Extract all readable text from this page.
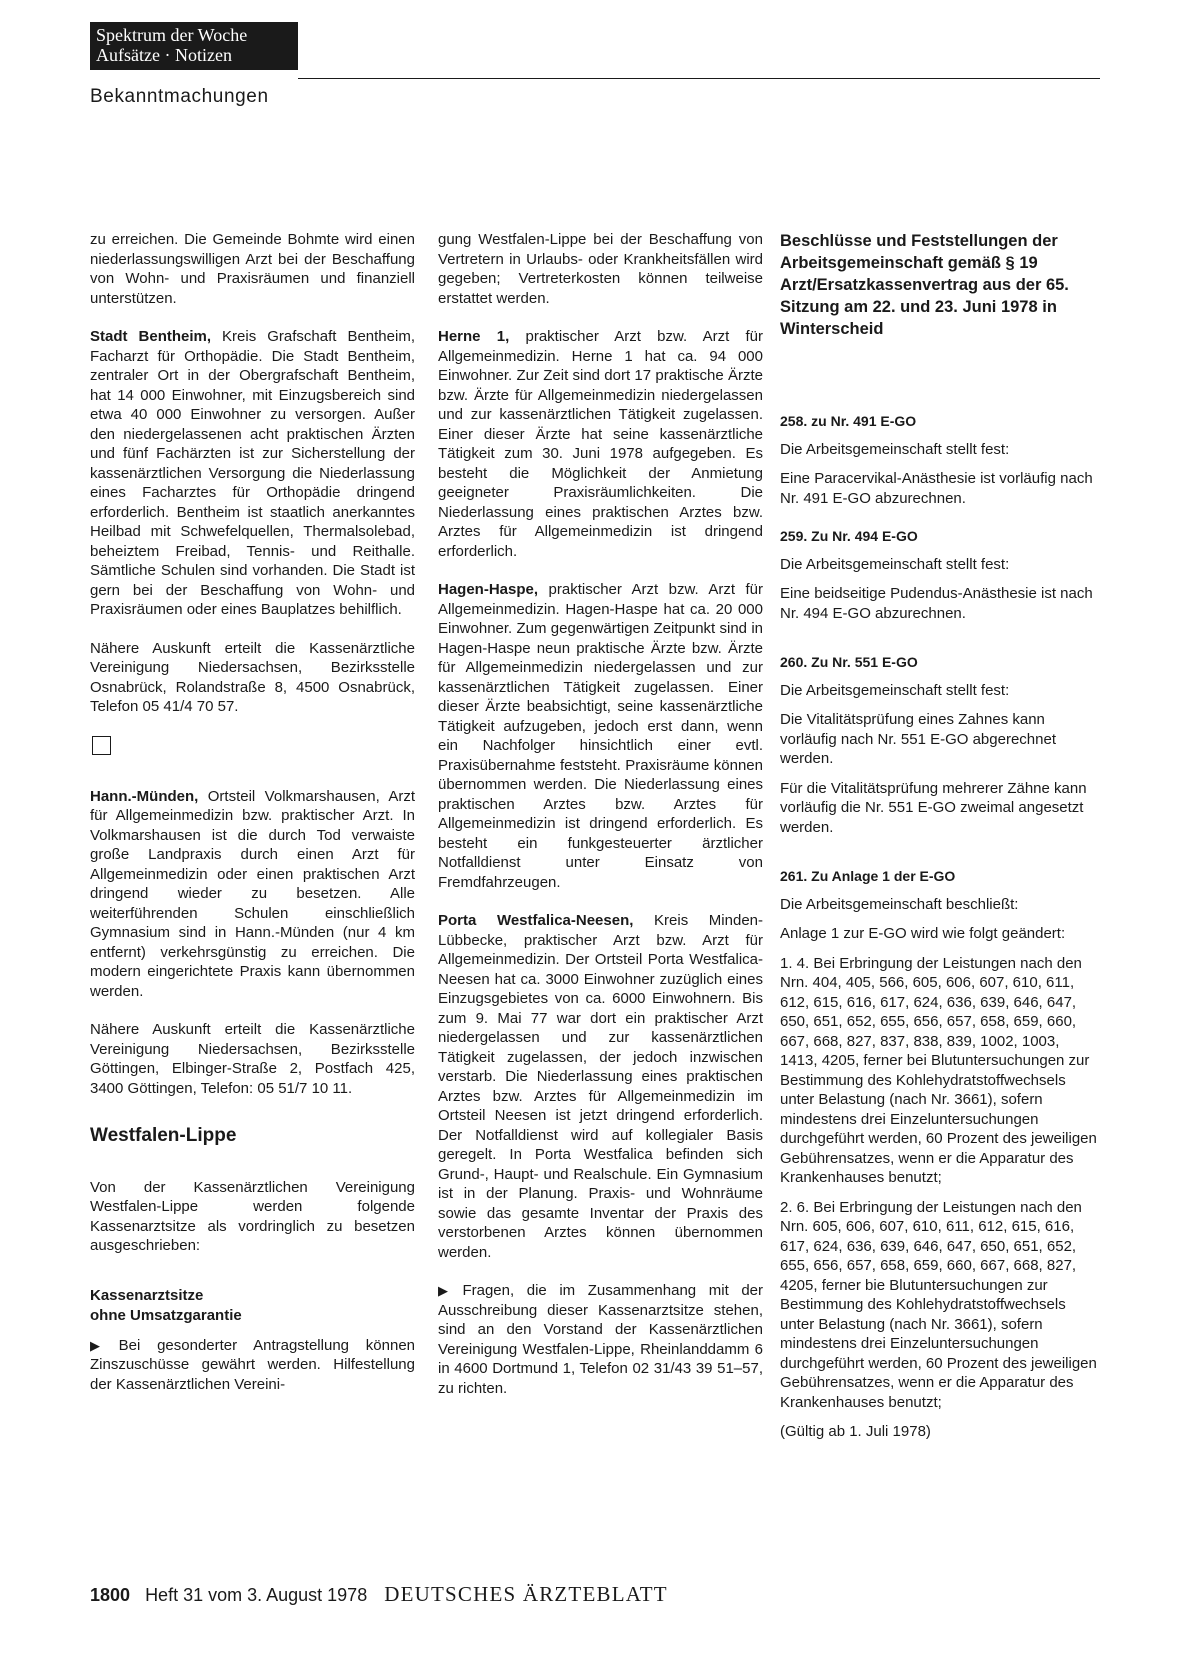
Spektrum der Woche
Aufsätze · Notizen
Bekanntmachungen

zu erreichen. Die Gemeinde Bohmte wird einen niederlassungswilligen Arzt bei der Beschaffung von Wohn- und Praxisräumen und finanziell unterstützen.

Stadt Bentheim, Kreis Grafschaft Bentheim, Facharzt für Orthopädie. Die Stadt Bentheim, zentraler Ort in der Obergrafschaft Bentheim, hat 14 000 Einwohner, mit Einzugsbereich sind etwa 40 000 Einwohner zu versorgen. Außer den niedergelassenen acht praktischen Ärzten und fünf Fachärzten ist zur Sicherstellung der kassenärztlichen Versorgung die Niederlassung eines Facharztes für Orthopädie dringend erforderlich. Bentheim ist staatlich anerkanntes Heilbad mit Schwefelquellen, Thermalsolebad, beheiztem Freibad, Tennis- und Reithalle. Sämtliche Schulen sind vorhanden. Die Stadt ist gern bei der Beschaffung von Wohn- und Praxisräumen oder eines Bauplatzes behilflich.

Nähere Auskunft erteilt die Kassenärztliche Vereinigung Niedersachsen, Bezirksstelle Osnabrück, Rolandstraße 8, 4500 Osnabrück, Telefon 05 41/4 70 57.

Hann.-Münden, Ortsteil Volkmarshausen, Arzt für Allgemeinmedizin bzw. praktischer Arzt. In Volkmarshausen ist die durch Tod verwaiste große Landpraxis durch einen Arzt für Allgemeinmedizin oder einen praktischen Arzt dringend wieder zu besetzen. Alle weiterführenden Schulen einschließlich Gymnasium sind in Hann.-Münden (nur 4 km entfernt) verkehrsgünstig zu erreichen. Die modern eingerichtete Praxis kann übernommen werden.

Nähere Auskunft erteilt die Kassenärztliche Vereinigung Niedersachsen, Bezirksstelle Göttingen, Elbinger-Straße 2, Postfach 425, 3400 Göttingen, Telefon: 05 51/7 10 11.

Westfalen-Lippe

Von der Kassenärztlichen Vereinigung Westfalen-Lippe werden folgende Kassenarztsitze als vordringlich zu besetzen ausgeschrieben:

Kassenarztsitze
ohne Umsatzgarantie

▶ Bei gesonderter Antragstellung können Zinszuschüsse gewährt werden. Hilfestellung der Kassenärztlichen Vereini-

gung Westfalen-Lippe bei der Beschaffung von Vertretern in Urlaubs- oder Krankheitsfällen wird gegeben; Vertreterkosten können teilweise erstattet werden.

Herne 1, praktischer Arzt bzw. Arzt für Allgemeinmedizin. Herne 1 hat ca. 94 000 Einwohner. Zur Zeit sind dort 17 praktische Ärzte bzw. Ärzte für Allgemeinmedizin niedergelassen und zur kassenärztlichen Tätigkeit zugelassen. Einer dieser Ärzte hat seine kassenärztliche Tätigkeit zum 30. Juni 1978 aufgegeben. Es besteht die Möglichkeit der Anmietung geeigneter Praxisräumlichkeiten. Die Niederlassung eines praktischen Arztes bzw. Arztes für Allgemeinmedizin ist dringend erforderlich.

Hagen-Haspe, praktischer Arzt bzw. Arzt für Allgemeinmedizin. Hagen-Haspe hat ca. 20 000 Einwohner. Zum gegenwärtigen Zeitpunkt sind in Hagen-Haspe neun praktische Ärzte bzw. Ärzte für Allgemeinmedizin niedergelassen und zur kassenärztlichen Tätigkeit zugelassen. Einer dieser Ärzte beabsichtigt, seine kassenärztliche Tätigkeit aufzugeben, jedoch erst dann, wenn ein Nachfolger hinsichtlich einer evtl. Praxisübernahme feststeht. Praxisräume können übernommen werden. Die Niederlassung eines praktischen Arztes bzw. Arztes für Allgemeinmedizin ist dringend erforderlich. Es besteht ein funkgesteuerter ärztlicher Notfalldienst unter Einsatz von Fremdfahrzeugen.

Porta Westfalica-Neesen, Kreis Minden-Lübbecke, praktischer Arzt bzw. Arzt für Allgemeinmedizin. Der Ortsteil Porta Westfalica-Neesen hat ca. 3000 Einwohner zuzüglich eines Einzugsgebietes von ca. 6000 Einwohnern. Bis zum 9. Mai 77 war dort ein praktischer Arzt niedergelassen und zur kassenärztlichen Tätigkeit zugelassen, der jedoch inzwischen verstarb. Die Niederlassung eines praktischen Arztes bzw. Arztes für Allgemeinmedizin im Ortsteil Neesen ist jetzt dringend erforderlich. Der Notfalldienst wird auf kollegialer Basis geregelt. In Porta Westfalica befinden sich Grund-, Haupt- und Realschule. Ein Gymnasium ist in der Planung. Praxis- und Wohnräume sowie das gesamte Inventar der Praxis des verstorbenen Arztes können übernommen werden.

▶ Fragen, die im Zusammenhang mit der Ausschreibung dieser Kassenarztsitze stehen, sind an den Vorstand der Kassenärztlichen Vereinigung Westfalen-Lippe, Rheinlanddamm 6 in 4600 Dortmund 1, Telefon 02 31/43 39 51–57, zu richten.

Beschlüsse und Feststellungen der Arbeitsgemeinschaft gemäß § 19 Arzt/Ersatzkassenvertrag aus der 65. Sitzung am 22. und 23. Juni 1978 in Winterscheid
258. zu Nr. 491 E-GO

Die Arbeitsgemeinschaft stellt fest:

Eine Paracervikal-Anästhesie ist vorläufig nach Nr. 491 E-GO abzurechnen.

259. Zu Nr. 494 E-GO

Die Arbeitsgemeinschaft stellt fest:

Eine beidseitige Pudendus-Anästhesie ist nach Nr. 494 E-GO abzurechnen.

260. Zu Nr. 551 E-GO

Die Arbeitsgemeinschaft stellt fest:

Die Vitalitätsprüfung eines Zahnes kann vorläufig nach Nr. 551 E-GO abgerechnet werden.

Für die Vitalitätsprüfung mehrerer Zähne kann vorläufig die Nr. 551 E-GO zweimal angesetzt werden.

261. Zu Anlage 1 der E-GO

Die Arbeitsgemeinschaft beschließt:

Anlage 1 zur E-GO wird wie folgt geändert:

1. 4. Bei Erbringung der Leistungen nach den Nrn. 404, 405, 566, 605, 606, 607, 610, 611, 612, 615, 616, 617, 624, 636, 639, 646, 647, 650, 651, 652, 655, 656, 657, 658, 659, 660, 667, 668, 827, 837, 838, 839, 1002, 1003, 1413, 4205, ferner bei Blutuntersuchungen zur Bestimmung des Kohlehydratstoffwechsels unter Belastung (nach Nr. 3661), sofern mindestens drei Einzeluntersuchungen durchgeführt werden, 60 Prozent des jeweiligen Gebührensatzes, wenn er die Apparatur des Krankenhauses benutzt;

2. 6. Bei Erbringung der Leistungen nach den Nrn. 605, 606, 607, 610, 611, 612, 615, 616, 617, 624, 636, 639, 646, 647, 650, 651, 652, 655, 656, 657, 658, 659, 660, 667, 668, 827, 4205, ferner bie Blutuntersuchungen zur Bestimmung des Kohlehydratstoffwechsels unter Belastung (nach Nr. 3661), sofern mindestens drei Einzeluntersuchungen durchgeführt werden, 60 Prozent des jeweiligen Gebührensatzes, wenn er die Apparatur des Krankenhauses benutzt;

(Gültig ab 1. Juli 1978)

1800 Heft 31 vom 3. August 1978 DEUTSCHES ÄRZTEBLATT
